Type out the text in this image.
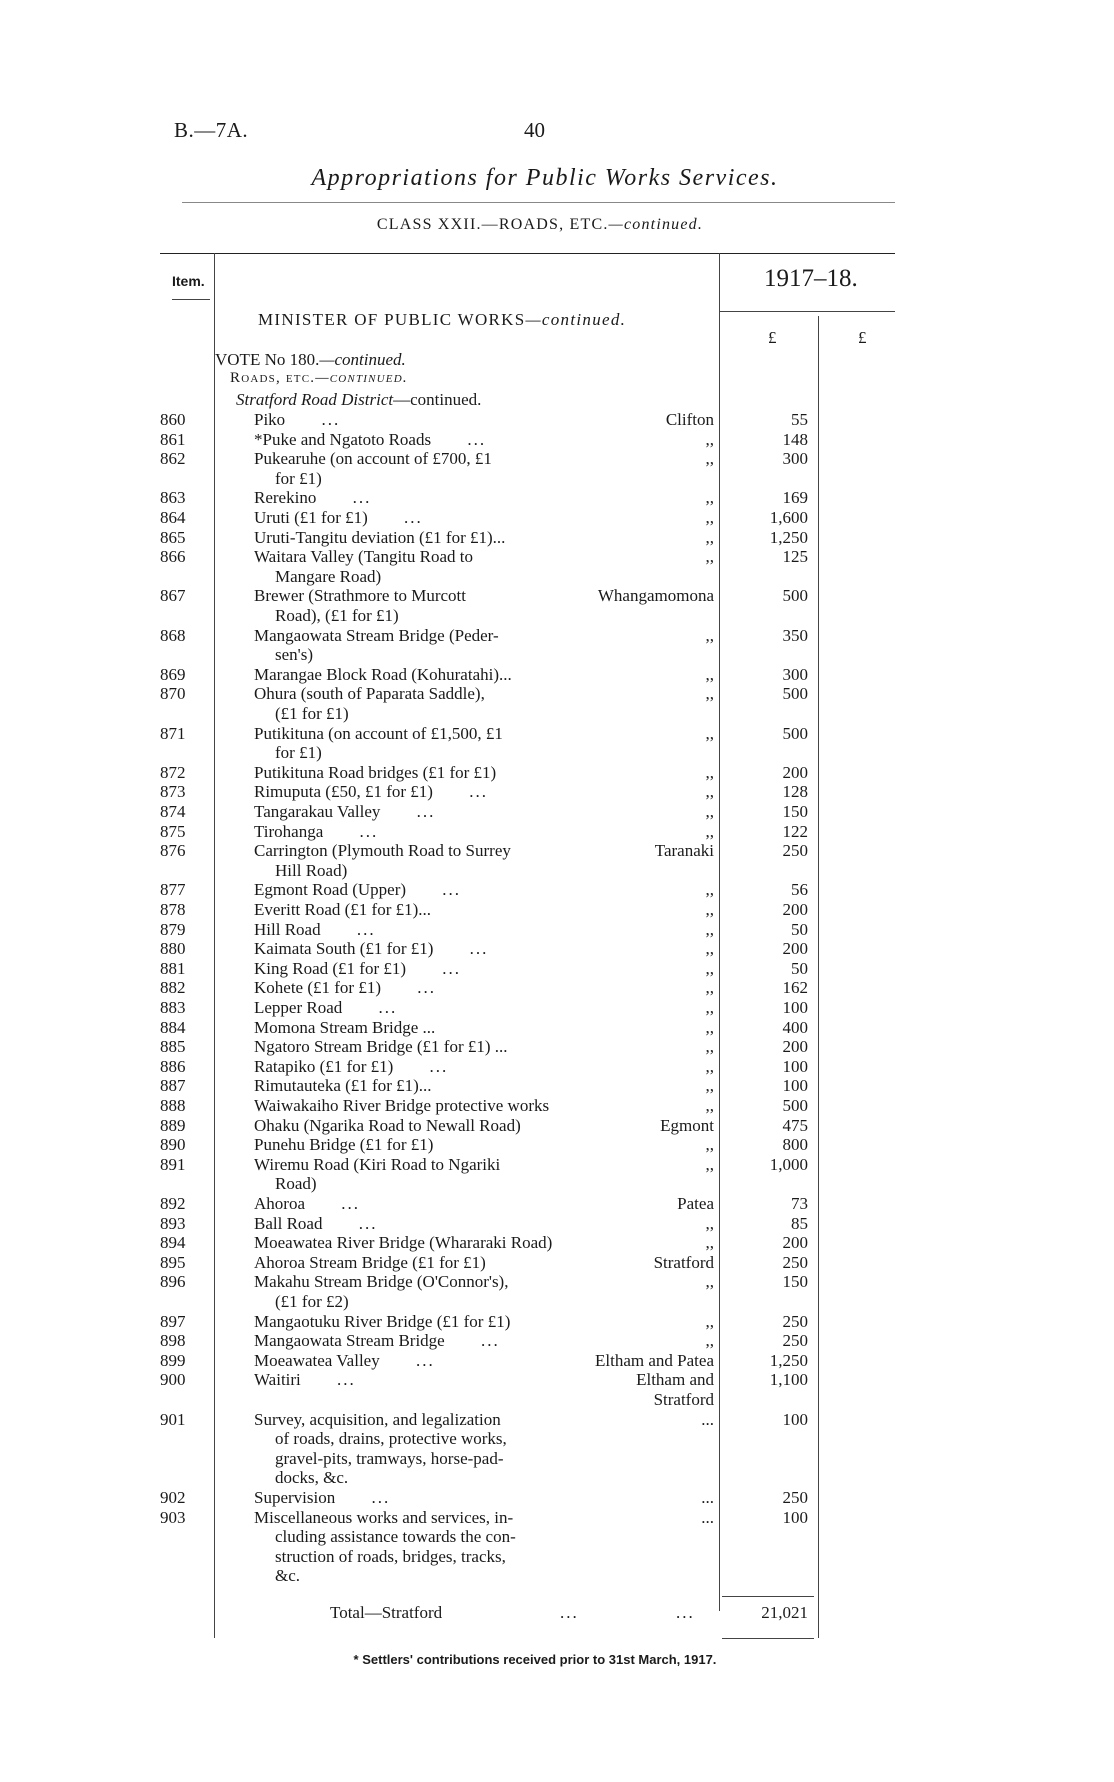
B.—7A.	40
Appropriations for Public Works Services.
CLASS XXII.—ROADS, ETC.—continued.
Item.	1917–18.
£	£
MINISTER OF PUBLIC WORKS—continued.
VOTE No 180.—continued.
Roads, etc.—continued.
Stratford Road District—continued.
860	Piko ...	Clifton	55
861	*Puke and Ngatoto Roads ...	,,	148
862	Pukearuhe (on account of £700, £1
for £1)
,,	300
863	Rerekino ...	,,	169
864	Uruti (£1 for £1) ...	,,	1,600
865	Uruti-Tangitu deviation (£1 for £1)...	,,	1,250
866	Waitara Valley (Tangitu Road to
Mangare Road)
,,	125
867	Brewer (Strathmore to Murcott
Road), (£1 for £1)
Whangamomona	500
868	Mangaowata Stream Bridge (Peder-
sen's)
,,	350
869	Marangae Block Road (Kohuratahi)...	,,	300
870	Ohura (south of Paparata Saddle),
(£1 for £1)
,,	500
871	Putikituna (on account of £1,500, £1
for £1)
,,	500
872	Putikituna Road bridges (£1 for £1)	,,	200
873	Rimuputa (£50, £1 for £1) ...	,,	128
874	Tangarakau Valley ...	,,	150
875	Tirohanga ...	,,	122
876	Carrington (Plymouth Road to Surrey
Hill Road)
Taranaki	250
877	Egmont Road (Upper) ...	,,	56
878	Everitt Road (£1 for £1)...	,,	200
879	Hill Road ...	,,	50
880	Kaimata South (£1 for £1) ...	,,	200
881	King Road (£1 for £1) ...	,,	50
882	Kohete (£1 for £1) ...	,,	162
883	Lepper Road ...	,,	100
884	Momona Stream Bridge ...	,,	400
885	Ngatoro Stream Bridge (£1 for £1) ...	,,	200
886	Ratapiko (£1 for £1) ...	,,	100
887	Rimutauteka (£1 for £1)...	,,	100
888	Waiwakaiho River Bridge protective works	,,	500
889	Ohaku (Ngarika Road to Newall Road)	Egmont	475
890	Punehu Bridge (£1 for £1)	,,	800
891	Wiremu Road (Kiri Road to Ngariki
Road)
,,	1,000
892	Ahoroa ...	Patea	73
893	Ball Road ...	,,	85
894	Moeawatea River Bridge (Whararaki Road)	,,	200
895	Ahoroa Stream Bridge (£1 for £1)	Stratford	250
896	Makahu Stream Bridge (O'Connor's),
(£1 for £2)
,,	150
897	Mangaotuku River Bridge (£1 for £1)	,,	250
898	Mangaowata Stream Bridge ...	,,	250
899	Moeawatea Valley ...	Eltham and Patea	1,250
900	Waitiri ...	Eltham and
Stratford
1,100
901	Survey, acquisition, and legalization
of roads, drains, protective works,
gravel-pits, tramways, horse-pad-
docks, &c.
...	100
902	Supervision ...	...	250
903	Miscellaneous works and services, in-
cluding assistance towards the con-
struction of roads, bridges, tracks,
&c.
...	100
Total—Stratford	...	...	21,021
* Settlers' contributions received prior to 31st March, 1917.
